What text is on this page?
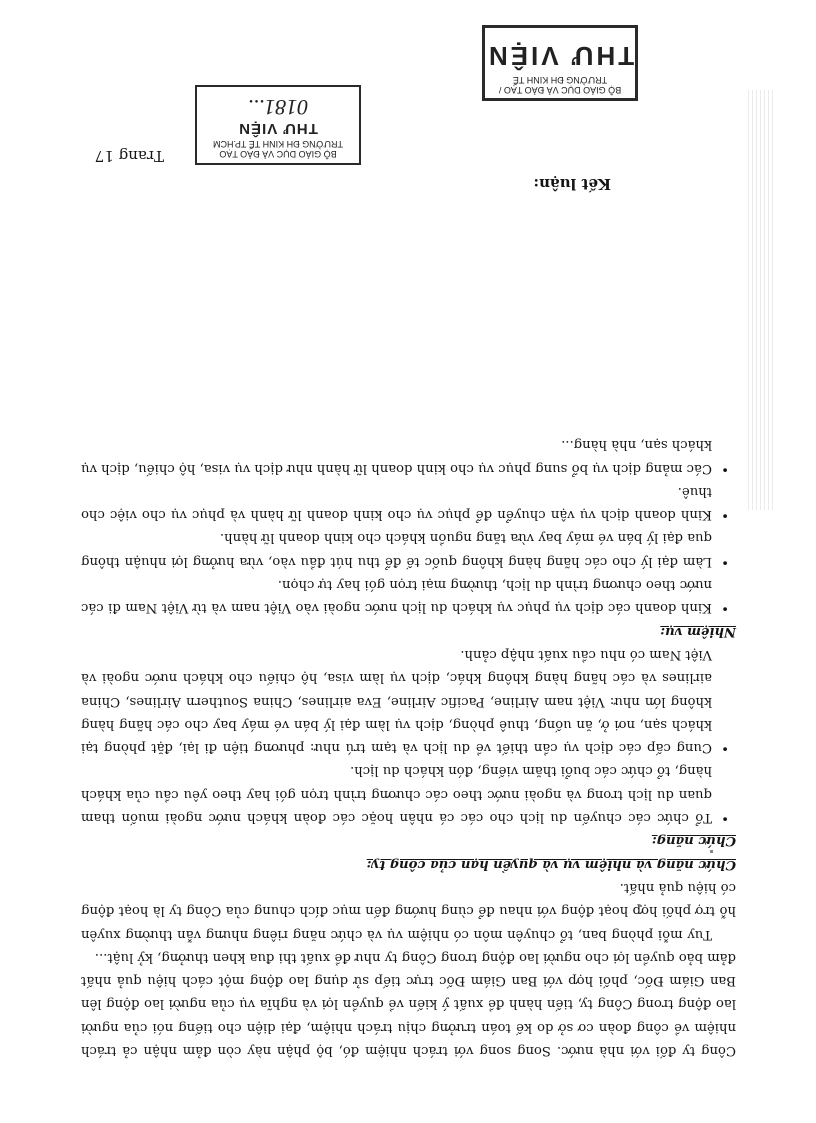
Công ty đối với nhà nước. Song song với trách nhiệm đó, bộ phận này còn đảm nhận cả trách nhiệm về công đoàn cơ sở do kế toán trưởng chịu trách nhiệm, đại diện cho tiếng nói của người lao động trong Công ty, tiến hành đề xuất ý kiến về quyền lợi và nghĩa vụ của người lao động lên Ban Giám Đốc, phối hợp với Ban Giám Đốc trực tiếp sử dụng lao động một cách hiệu quả nhất đảm bảo quyền lợi cho người lao động trong Công ty như đề xuất thi đua khen thưởng, kỷ luật...

Tuy mỗi phòng ban, tổ chuyên môn có nhiệm vụ và chức năng riêng nhưng vẫn thường xuyên hỗ trợ phối hợp hoạt động với nhau để cùng hướng đến mục đích chung của Công ty là hoạt động có hiệu quả nhất.

Chức năng và nhiệm vụ và quyền hạn của công ty:

Chức năng:

•
Tổ chức các chuyến du lịch cho các cá nhân hoặc các đoàn khách nước ngoài muốn tham quan du lịch trong và ngoài nước theo các chương trình trọn gói hay theo yêu cầu của khách hàng, tổ chức các buổi thăm viếng, đón khách du lịch.

•
Cung cấp các dịch vụ cần thiết về du lịch và tạm trú như: phương tiện đi lại, đặt phòng tại khách sạn, nơi ở, ăn uống, thuê phòng, dịch vụ làm đại lý bán vé máy bay cho các hãng hàng không lớn như: Việt nam Airline, Pacific Airline, Eva airlines, China Southern Airlines, China airlines và các hãng hàng không khác, dịch vụ làm visa, hộ chiếu cho khách nước ngoài và Việt Nam có nhu cầu xuất nhập cảnh.

Nhiệm vụ:

•
Kinh doanh các dịch vụ phục vụ khách du lịch nước ngoài vào Việt nam và từ Việt Nam đi các nước theo chương trình du lịch, thường mại trọn gói hay tự chọn.

•
Làm đại lý cho các hãng hàng không quốc tế để thu hút đầu vào, vừa hưởng lợi nhuận thông qua đại lý bán vé máy bay vừa tăng nguồn khách cho kinh doanh lữ hành.

•
Kinh doanh dịch vụ vận chuyển để phục vụ cho kinh doanh lữ hành và phục vụ cho việc cho thuê.

•
Các mảng dịch vụ bổ sung phục vụ cho kinh doanh lữ hành như dịch vụ visa, hộ chiếu, dịch vụ khách sạn, nhà hàng...

Kết luận:
Trang 17	BỘ GIÁO DỤC VÀ ĐÀO TẠO
TRƯỜNG ĐH KINH TẾ TP.HCM
THƯ VIỆN
0181...
BỘ GIÁO DỤC VÀ ĐÀO TẠO / TRƯỜNG ĐH KINH TẾ
THƯ VIỆN
